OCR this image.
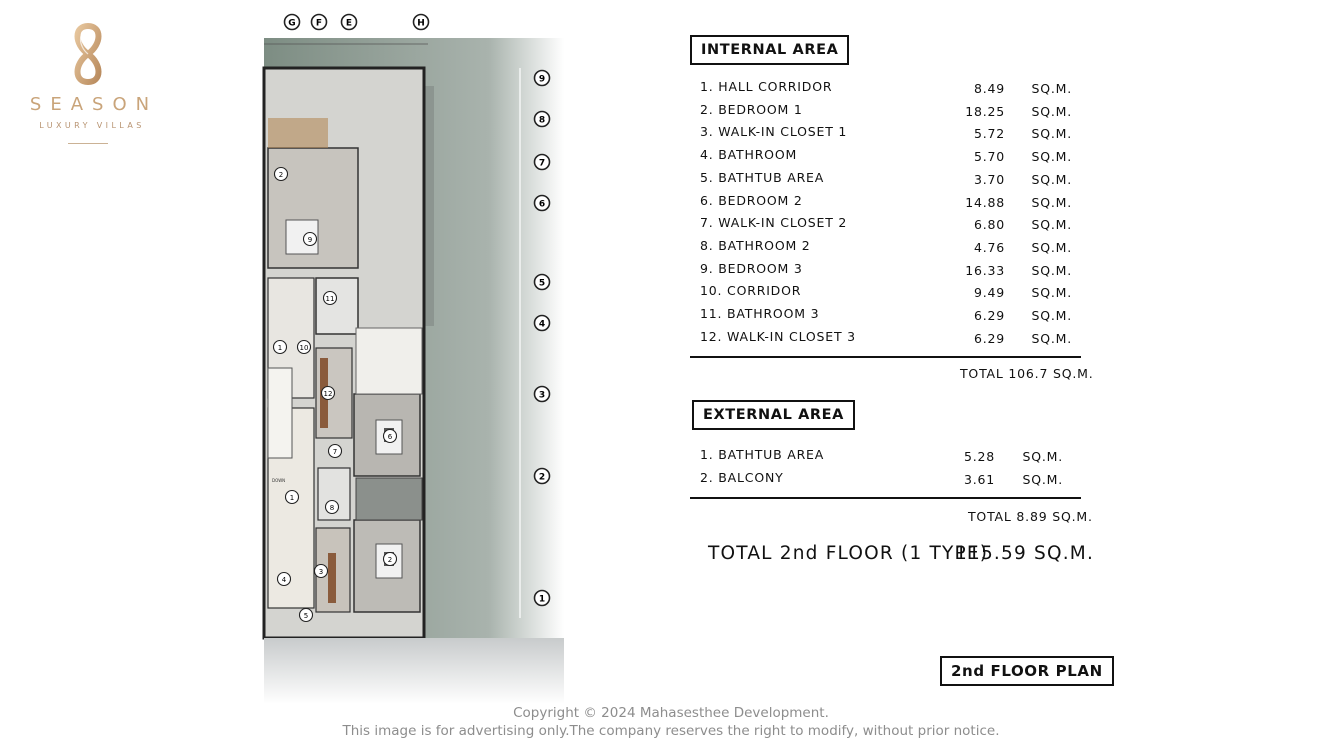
SEASON
LUXURY VILLAS
9
8
7
6
5
4
3
2
1
G F	E	H
2
9
11
1 10
12
6
7
1
8
2
4
3
5
DOWN
INTERNAL AREA
1. HALL CORRIDOR	8.49 SQ.M.
2. BEDROOM 1	18.25 SQ.M.
3. WALK-IN CLOSET 1	5.72 SQ.M.
4. BATHROOM	5.70 SQ.M.
5. BATHTUB AREA	3.70 SQ.M.
6. BEDROOM 2	14.88 SQ.M.
7. WALK-IN CLOSET 2	6.80 SQ.M.
8. BATHROOM 2	4.76 SQ.M.
9. BEDROOM 3	16.33 SQ.M.
10. CORRIDOR	9.49 SQ.M.
11. BATHROOM 3	6.29 SQ.M.
12. WALK-IN CLOSET 3	6.29 SQ.M.
TOTAL 106.7 SQ.M.
EXTERNAL AREA
1. BATHTUB AREA	5.28 SQ.M.
2. BALCONY	3.61 SQ.M.
TOTAL 8.89 SQ.M.
TOTAL 2nd FLOOR (1 TYPE)
115.59 SQ.M.
2nd FLOOR PLAN
Copyright © 2024 Mahasesthee Development.
This image is for advertising only.The company reserves the right to modify, without prior notice.
